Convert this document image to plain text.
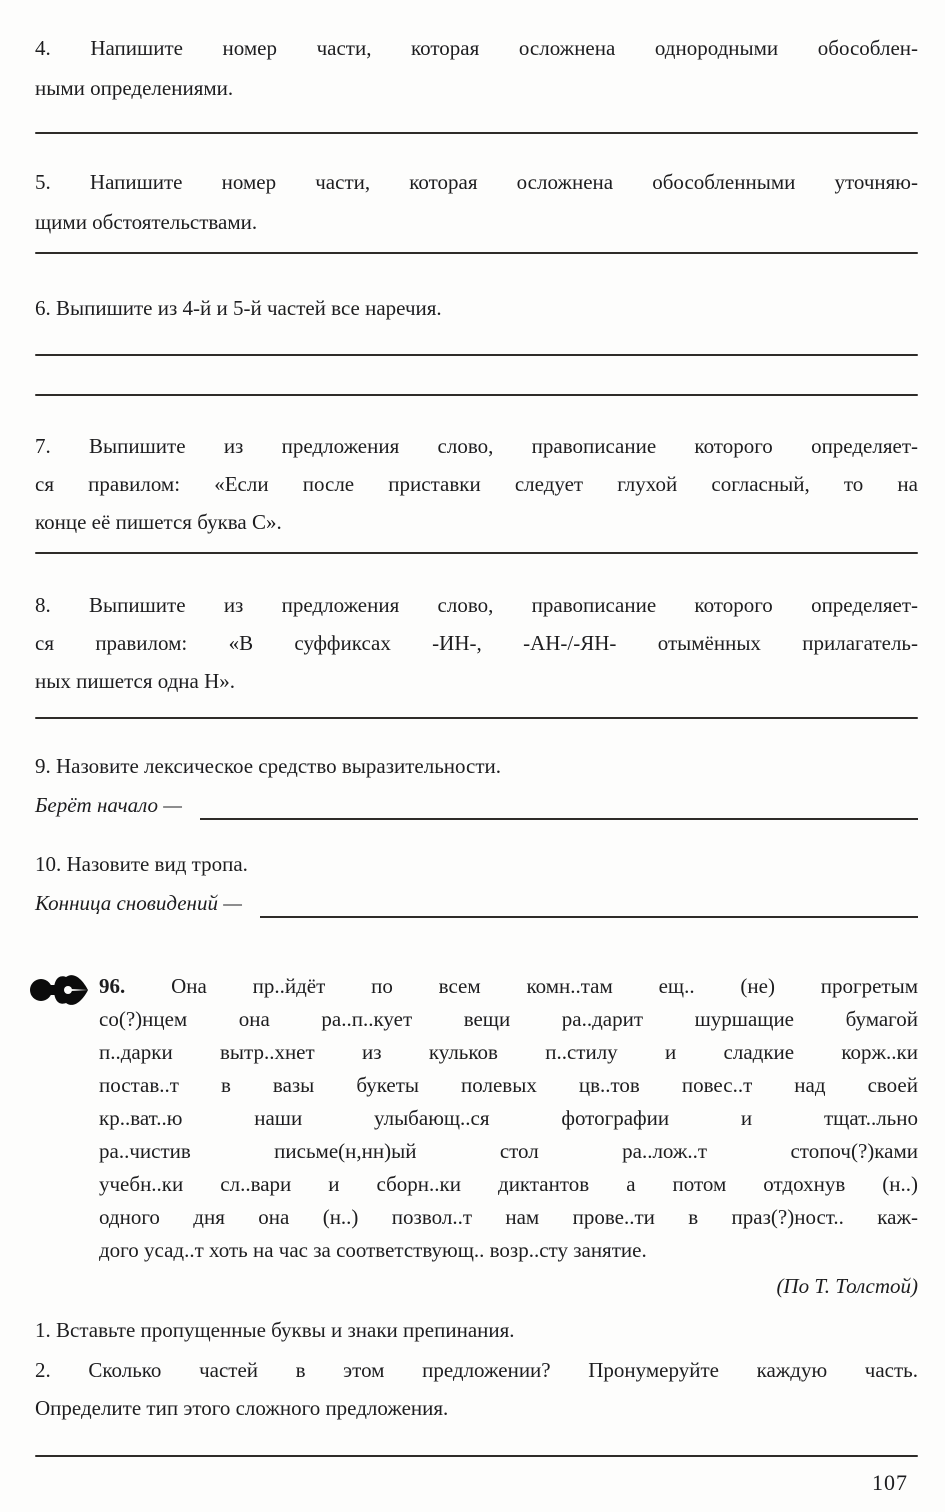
4. Напишите номер части, которая осложнена однородными обособлен-
ными определениями.
5. Напишите номер части, которая осложнена обособленными уточняю-
щими обстоятельствами.
6. Выпишите из 4-й и 5-й частей все наречия.
7. Выпишите из предложения слово, правописание которого определяет-
ся правилом: «Если после приставки следует глухой согласный, то на
конце её пишется буква С».
8. Выпишите из предложения слово, правописание которого определяет-
ся правилом: «В суффиксах -ИН-, -АН-/-ЯН- отымённых прилагатель-
ных пишется одна Н».
9. Назовите лексическое средство выразительности.
Берёт начало —
10. Назовите вид тропа.
Конница сновидений —
96. Она пр..йдёт по всем комн..там ещ.. (не) прогретым
со(?)нцем она ра..п..кует вещи ра..дарит шуршащие бумагой
п..дарки вытр..хнет из кульков п..стилу и сладкие корж..ки
постав..т в вазы букеты полевых цв..тов повес..т над своей
кр..ват..ю наши улыбающ..ся фотографии и тщат..льно
ра..чистив письме(н,нн)ый стол ра..лож..т стопоч(?)ками
учебн..ки сл..вари и сборн..ки диктантов а потом отдохнув (н..)
одного дня она (н..) позвол..т нам прове..ти в праз(?)ност.. каж-
дого усад..т хоть на час за соответствующ.. возр..сту занятие.
(По Т. Толстой)
1. Вставьте пропущенные буквы и знаки препинания.
2. Сколько частей в этом предложении? Пронумеруйте каждую часть.
Определите тип этого сложного предложения.
107
